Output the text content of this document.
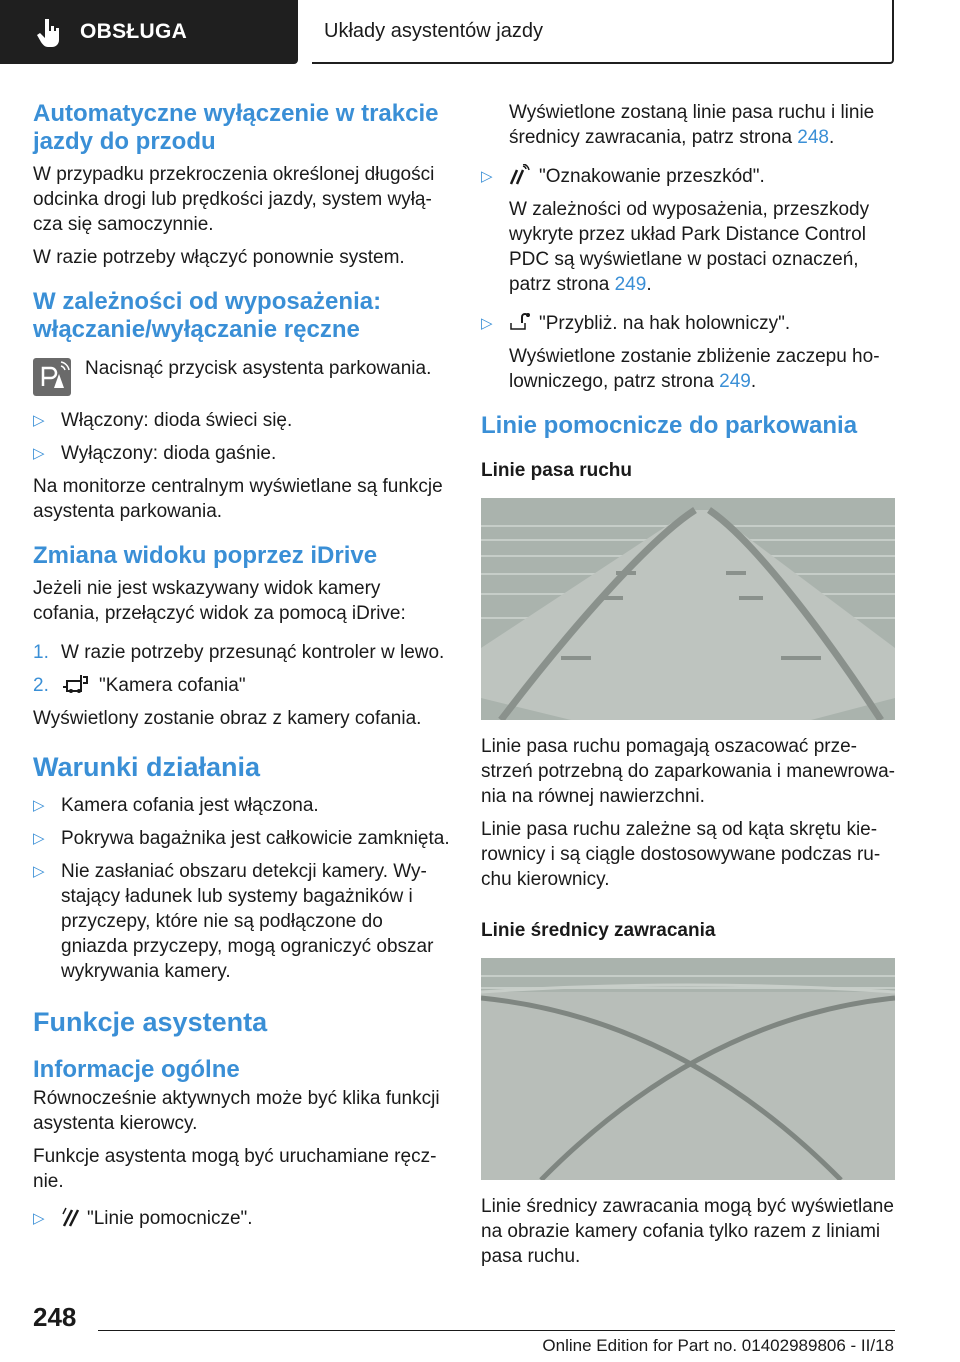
OBSŁUGA	Układy asystentów jazdy
Automatyczne wyłączenie w trakcie jazdy do przodu

W przypadku przekroczenia określonej długości odcinka drogi lub prędkości jazdy, system wyłą- cza się samoczynnie.

W razie potrzeby włączyć ponownie system.

W zależności od wyposażenia: włączanie/wyłączanie ręczne
Nacisnąć przycisk asystenta parkowania.
▷ Włączony: dioda świeci się.
▷ Wyłączony: dioda gaśnie.

Na monitorze centralnym wyświetlane są funkcje asystenta parkowania.

Zmiana widoku poprzez iDrive

Jeżeli nie jest wskazywany widok kamery cofania, przełączyć widok za pomocą iDrive:

1. W razie potrzeby przesunąć kontroler w lewo.
2.	"Kamera cofania"

Wyświetlony zostanie obraz z kamery cofania.

Warunki działania
▷ Kamera cofania jest włączona.
▷ Pokrywa bagażnika jest całkowicie zamknięta.
▷ Nie zasłaniać obszaru detekcji kamery. Wy- stający ładunek lub systemy bagażników i przyczepy, które nie są podłączone do gniazda przyczepy, mogą ograniczyć obszar wykrywania kamery.
Funkcje asystenta
Informacje ogólne

Równocześnie aktywnych może być klika funkcji asystenta kierowcy.

Funkcje asystenta mogą być uruchamiane ręcz- nie.

▷	"Linie pomocnicze".

Wyświetlone zostaną linie pasa ruchu i linie średnicy zawracania, patrz strona 248.

▷	"Oznakowanie przeszkód".

W zależności od wyposażenia, przeszkody wykryte przez układ Park Distance Control PDC są wyświetlane w postaci oznaczeń, patrz strona 249.

▷	"Przybliż. na hak holowniczy".

Wyświetlone zostanie zbliżenie zaczepu ho- lowniczego, patrz strona 249.

Linie pomocnicze do parkowania
Linie pasa ruchu

Linie pasa ruchu pomagają oszacować prze- strzeń potrzebną do zaparkowania i manewrowa- nia na równej nawierzchni.

Linie pasa ruchu zależne są od kąta skrętu kie- rownicy i są ciągle dostosowywane podczas ru- chu kierownicy.

Linie średnicy zawracania

Linie średnicy zawracania mogą być wyświetlane na obrazie kamery cofania tylko razem z liniami pasa ruchu.

248
Online Edition for Part no. 01402989806 - II/18
